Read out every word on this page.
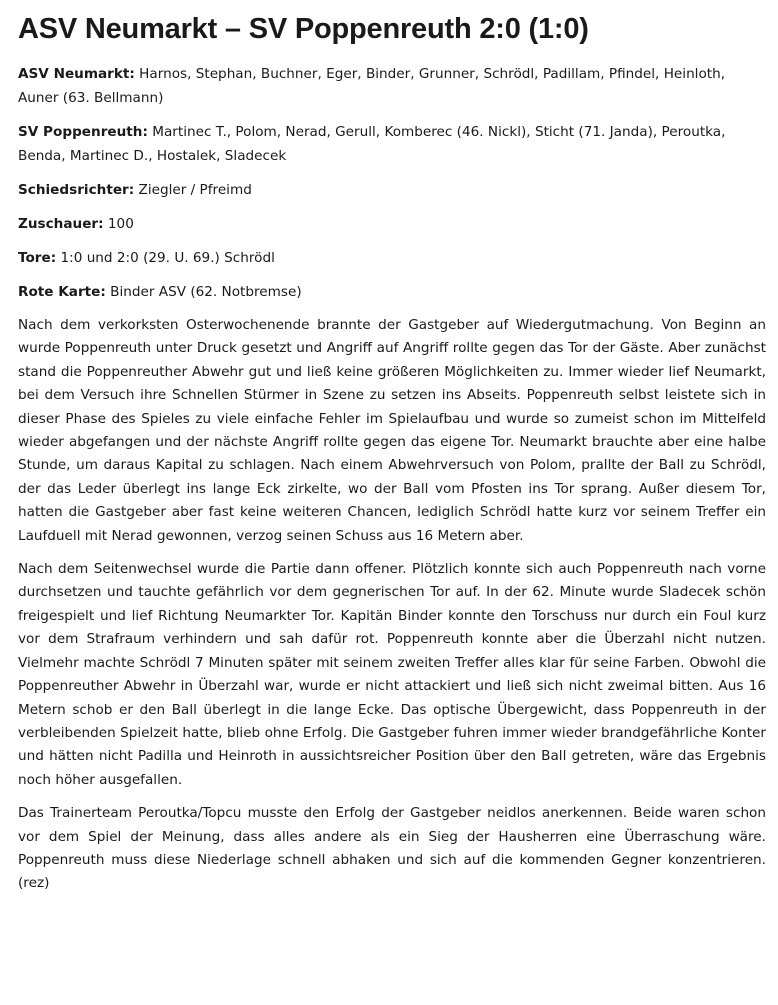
ASV Neumarkt – SV Poppenreuth 2:0 (1:0)

ASV Neumarkt: Harnos, Stephan, Buchner, Eger, Binder, Grunner, Schrödl, Padillam, Pfindel, Heinloth, Auner (63. Bellmann)

SV Poppenreuth: Martinec T., Polom, Nerad, Gerull, Komberec (46. Nickl), Sticht (71. Janda), Peroutka, Benda, Martinec D., Hostalek, Sladecek

Schiedsrichter: Ziegler / Pfreimd

Zuschauer: 100

Tore: 1:0 und 2:0 (29. U. 69.) Schrödl

Rote Karte: Binder ASV (62. Notbremse)

Nach dem verkorksten Osterwochenende brannte der Gastgeber auf Wiedergutmachung. Von Beginn an wurde Poppenreuth unter Druck gesetzt und Angriff auf Angriff rollte gegen das Tor der Gäste. Aber zunächst stand die Poppenreuther Abwehr gut und ließ keine größeren Möglichkeiten zu. Immer wieder lief Neumarkt, bei dem Versuch ihre Schnellen Stürmer in Szene zu setzen ins Abseits. Poppenreuth selbst leistete sich in dieser Phase des Spieles zu viele einfache Fehler im Spielaufbau und wurde so zumeist schon im Mittelfeld wieder abgefangen und der nächste Angriff rollte gegen das eigene Tor. Neumarkt brauchte aber eine halbe Stunde, um daraus Kapital zu schlagen. Nach einem Abwehrversuch von Polom, prallte der Ball zu Schrödl, der das Leder überlegt ins lange Eck zirkelte, wo der Ball vom Pfosten ins Tor sprang. Außer diesem Tor, hatten die Gastgeber aber fast keine weiteren Chancen, lediglich Schrödl hatte kurz vor seinem Treffer ein Laufduell mit Nerad gewonnen, verzog seinen Schuss aus 16 Metern aber.

Nach dem Seitenwechsel wurde die Partie dann offener. Plötzlich konnte sich auch Poppenreuth nach vorne durchsetzen und tauchte gefährlich vor dem gegnerischen Tor auf. In der 62. Minute wurde Sladecek schön freigespielt und lief Richtung Neumarkter Tor. Kapitän Binder konnte den Torschuss nur durch ein Foul kurz vor dem Strafraum verhindern und sah dafür rot. Poppenreuth konnte aber die Überzahl nicht nutzen. Vielmehr machte Schrödl 7 Minuten später mit seinem zweiten Treffer alles klar für seine Farben. Obwohl die Poppenreuther Abwehr in Überzahl war, wurde er nicht attackiert und ließ sich nicht zweimal bitten. Aus 16 Metern schob er den Ball überlegt in die lange Ecke. Das optische Übergewicht, dass Poppenreuth in der verbleibenden Spielzeit hatte, blieb ohne Erfolg. Die Gastgeber fuhren immer wieder brandgefährliche Konter und hätten nicht Padilla und Heinroth in aussichtsreicher Position über den Ball getreten, wäre das Ergebnis noch höher ausgefallen.

Das Trainerteam Peroutka/Topcu musste den Erfolg der Gastgeber neidlos anerkennen. Beide waren schon vor dem Spiel der Meinung, dass alles andere als ein Sieg der Hausherren eine Überraschung wäre. Poppenreuth muss diese Niederlage schnell abhaken und sich auf die kommenden Gegner konzentrieren. (rez)
